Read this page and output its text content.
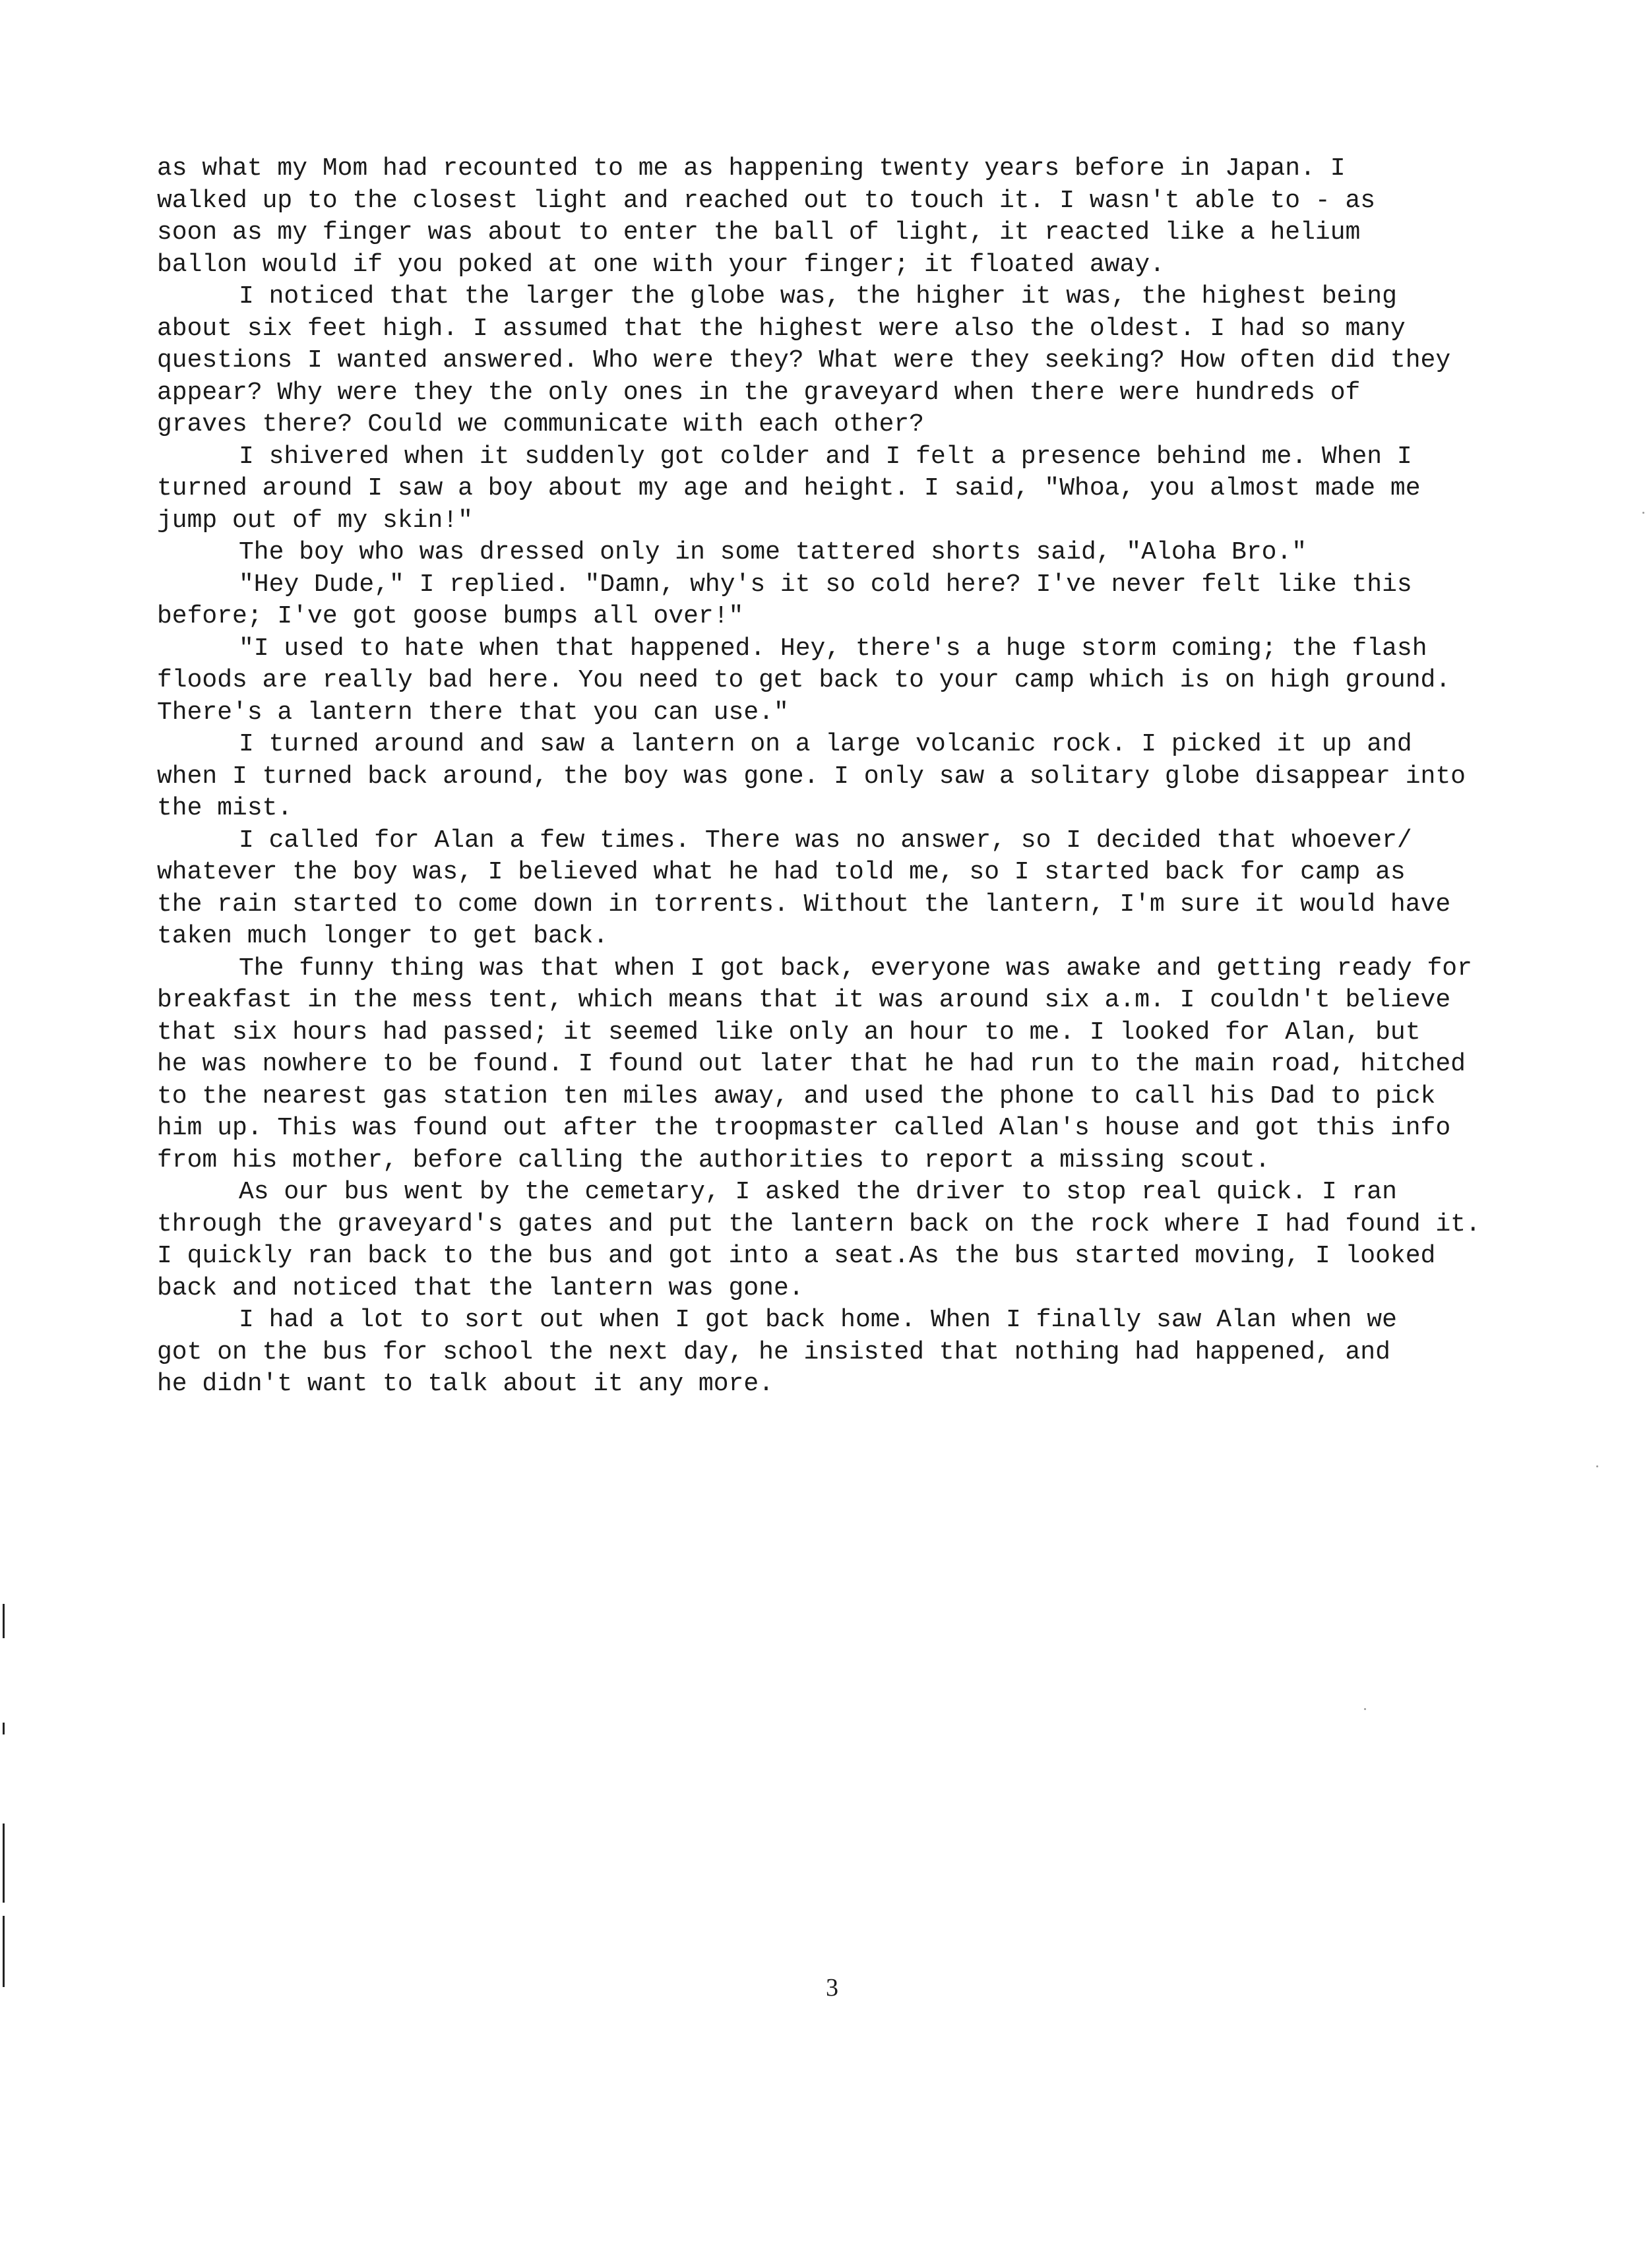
as what my Mom had recounted to me as happening twenty years before in Japan. I
walked up to the closest light and reached out to touch it. I wasn't able to - as
soon as my finger was about to enter the ball of light, it reacted like a helium
ballon would if you poked at one with your finger; it floated away.
I noticed that the larger the globe was, the higher it was, the highest being
about six feet high. I assumed that the highest were also the oldest. I had so many
questions I wanted answered. Who were they? What were they seeking? How often did they
appear? Why were they the only ones in the graveyard when there were hundreds of
graves there? Could we communicate with each other?
I shivered when it suddenly got colder and I felt a presence behind me. When I
turned around I saw a boy about my age and height. I said, "Whoa, you almost made me
jump out of my skin!"
The boy who was dressed only in some tattered shorts said, "Aloha Bro."
"Hey Dude," I replied. "Damn, why's it so cold here? I've never felt like this
before; I've got goose bumps all over!"
"I used to hate when that happened. Hey, there's a huge storm coming; the flash
floods are really bad here. You need to get back to your camp which is on high ground.
There's a lantern there that you can use."
I turned around and saw a lantern on a large volcanic rock. I picked it up and
when I turned back around, the boy was gone. I only saw a solitary globe disappear into
the mist.
I called for Alan a few times. There was no answer, so I decided that whoever/
whatever the boy was, I believed what he had told me, so I started back for camp as
the rain started to come down in torrents. Without the lantern, I'm sure it would have
taken much longer to get back.
The funny thing was that when I got back, everyone was awake and getting ready for
breakfast in the mess tent, which means that it was around six a.m. I couldn't believe
that six hours had passed; it seemed like only an hour to me. I looked for Alan, but
he was nowhere to be found. I found out later that he had run to the main road, hitched
to the nearest gas station ten miles away, and used the phone to call his Dad to pick
him up. This was found out after the troopmaster called Alan's house and got this info
from his mother, before calling the authorities to report a missing scout.
As our bus went by the cemetary, I asked the driver to stop real quick. I ran
through the graveyard's gates and put the lantern back on the rock where I had found it.
I quickly ran back to the bus and got into a seat.As the bus started moving, I looked
back and noticed that the lantern was gone.
I had a lot to sort out when I got back home. When I finally saw Alan when we
got on the bus for school the next day, he insisted that nothing had happened, and
he didn't want to talk about it any more.
3
